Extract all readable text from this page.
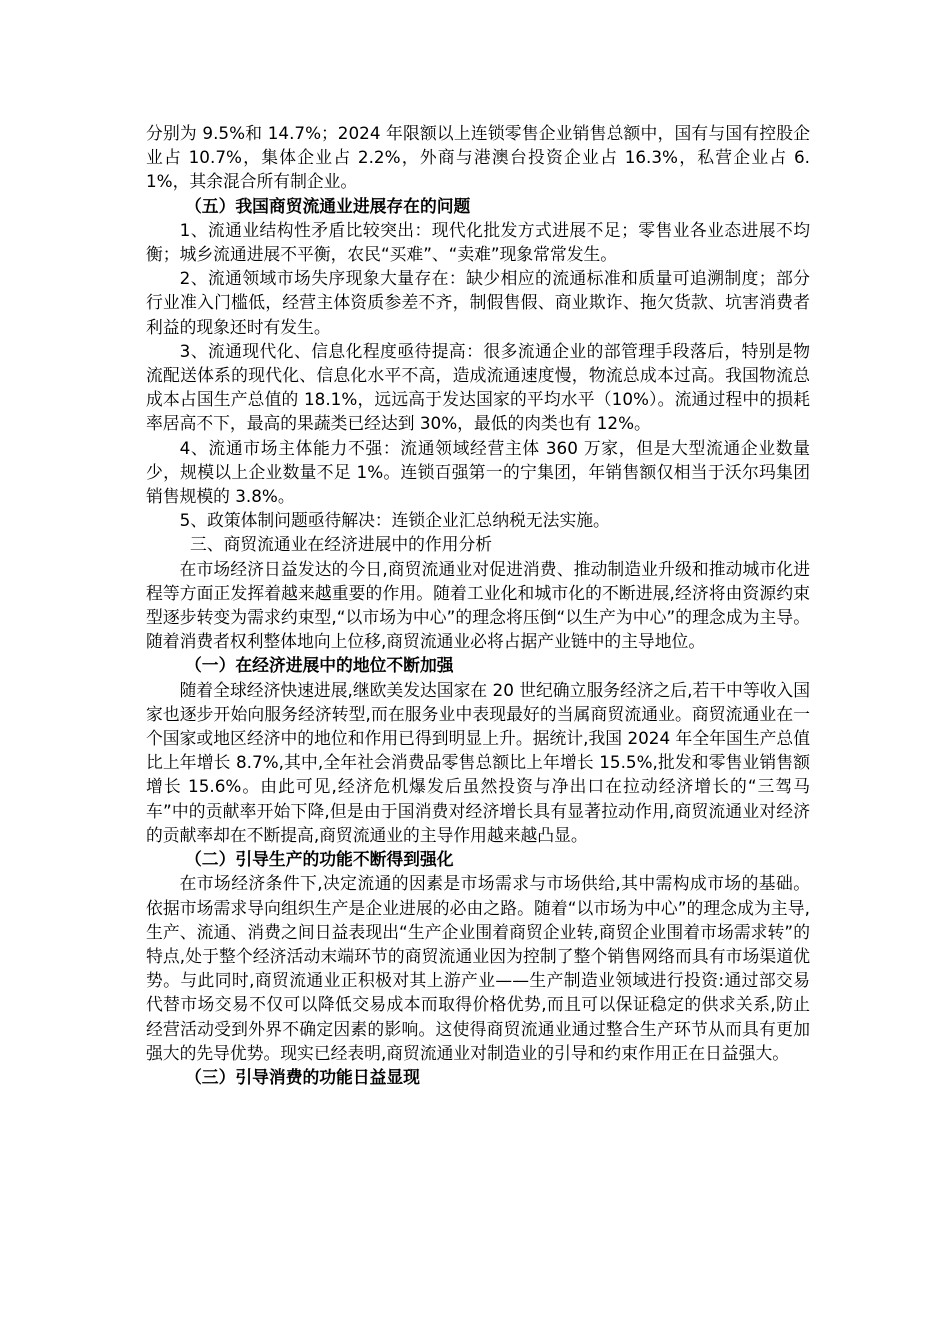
分别为 9.5%和 14.7%；2024 年限额以上连锁零售企业销售总额中，国有与国有控股企业占 10.7%，集体企业占 2.2%，外商与港澳台投资企业占 16.3%，私营企业占 6.1%，其余混合所有制企业。

（五）我国商贸流通业进展存在的问题

1、流通业结构性矛盾比较突出：现代化批发方式进展不足；零售业各业态进展不均衡；城乡流通进展不平衡，农民“买难”、“卖难”现象常常发生。

2、流通领域市场失序现象大量存在：缺少相应的流通标准和质量可追溯制度；部分行业准入门槛低，经营主体资质参差不齐，制假售假、商业欺诈、拖欠货款、坑害消费者利益的现象还时有发生。

3、流通现代化、信息化程度亟待提高：很多流通企业的部管理手段落后，特别是物流配送体系的现代化、信息化水平不高，造成流通速度慢，物流总成本过高。我国物流总成本占国生产总值的 18.1%，远远高于发达国家的平均水平（10%）。流通过程中的损耗率居高不下，最高的果蔬类已经达到 30%，最低的肉类也有 12%。

4、流通市场主体能力不强：流通领域经营主体 360 万家，但是大型流通企业数量少，规模以上企业数量不足 1%。连锁百强第一的宁集团，年销售额仅相当于沃尔玛集团销售规模的 3.8%。

5、政策体制问题亟待解决：连锁企业汇总纳税无法实施。

三、商贸流通业在经济进展中的作用分析

在市场经济日益发达的今日,商贸流通业对促进消费、推动制造业升级和推动城市化进程等方面正发挥着越来越重要的作用。随着工业化和城市化的不断进展,经济将由资源约束型逐步转变为需求约束型,“以市场为中心”的理念将压倒“以生产为中心”的理念成为主导。随着消费者权利整体地向上位移,商贸流通业必将占据产业链中的主导地位。

（一）在经济进展中的地位不断加强

随着全球经济快速进展,继欧美发达国家在 20 世纪确立服务经济之后,若干中等收入国家也逐步开始向服务经济转型,而在服务业中表现最好的当属商贸流通业。商贸流通业在一个国家或地区经济中的地位和作用已得到明显上升。据统计,我国 2024 年全年国生产总值比上年增长 8.7%,其中,全年社会消费品零售总额比上年增长 15.5%,批发和零售业销售额增长 15.6%。由此可见,经济危机爆发后虽然投资与净出口在拉动经济增长的“三驾马车”中的贡献率开始下降,但是由于国消费对经济增长具有显著拉动作用,商贸流通业对经济的贡献率却在不断提高,商贸流通业的主导作用越来越凸显。

（二）引导生产的功能不断得到强化

在市场经济条件下,决定流通的因素是市场需求与市场供给,其中需构成市场的基础。依据市场需求导向组织生产是企业进展的必由之路。随着“以市场为中心”的理念成为主导,生产、流通、消费之间日益表现出“生产企业围着商贸企业转,商贸企业围着市场需求转”的特点,处于整个经济活动末端环节的商贸流通业因为控制了整个销售网络而具有市场渠道优势。与此同时,商贸流通业正积极对其上游产业——生产制造业领域进行投资:通过部交易代替市场交易不仅可以降低交易成本而取得价格优势,而且可以保证稳定的供求关系,防止经营活动受到外界不确定因素的影响。这使得商贸流通业通过整合生产环节从而具有更加强大的先导优势。现实已经表明,商贸流通业对制造业的引导和约束作用正在日益强大。

（三）引导消费的功能日益显现
